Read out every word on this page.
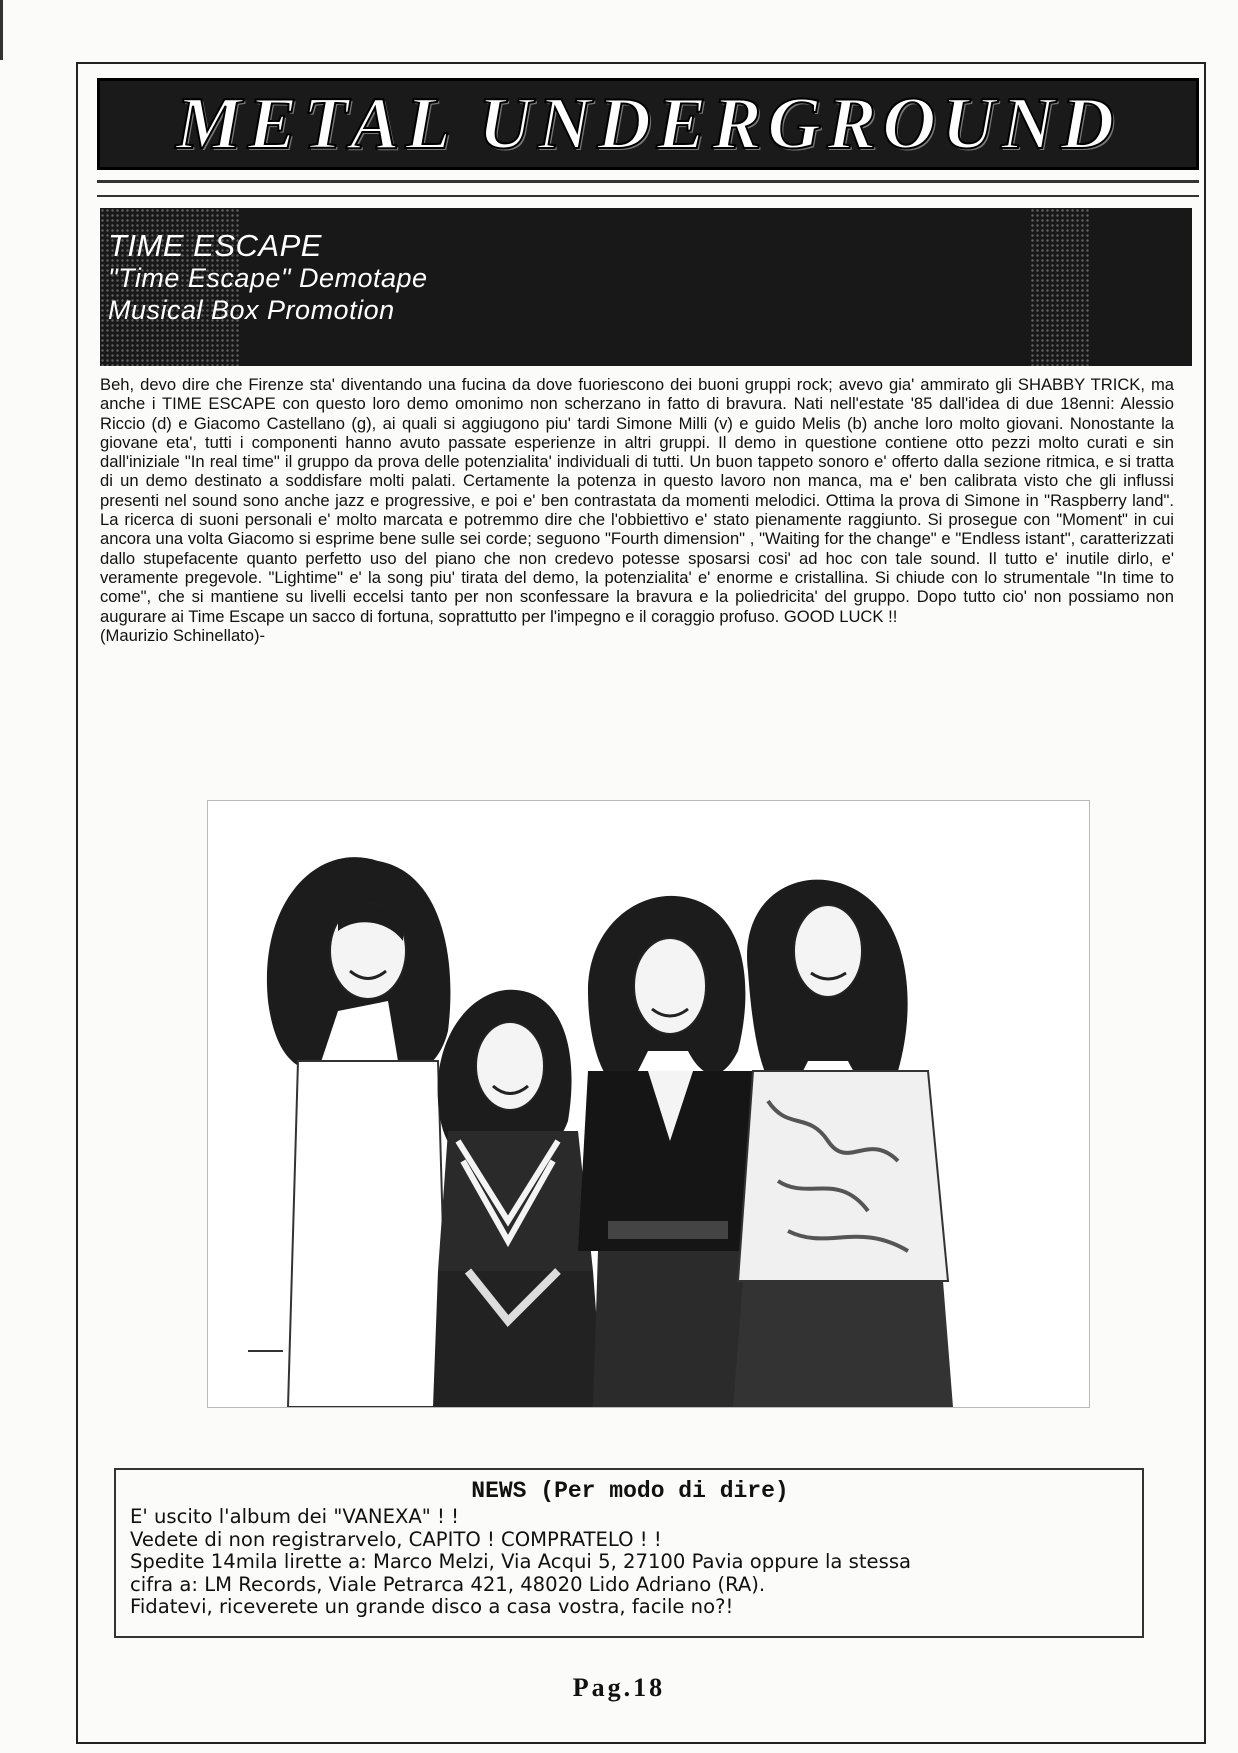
METAL UNDERGROUND
TIME ESCAPE
"Time Escape" Demotape
Musical Box Promotion

Beh, devo dire che Firenze sta' diventando una fucina da dove fuoriescono dei buoni gruppi rock; avevo gia' ammirato gli SHABBY TRICK, ma anche i TIME ESCAPE con questo loro demo omonimo non scherzano in fatto di bravura. Nati nell'estate '85 dall'idea di due 18enni: Alessio Riccio (d) e Giacomo Castellano (g), ai quali si aggiugono piu' tardi Simone Milli (v) e guido Melis (b) anche loro molto giovani. Nonostante la giovane eta', tutti i componenti hanno avuto passate esperienze in altri gruppi. Il demo in questione contiene otto pezzi molto curati e sin dall'iniziale "In real time" il gruppo da prova delle potenzialita' individuali di tutti. Un buon tappeto sonoro e' offerto dalla sezione ritmica, e si tratta di un demo destinato a soddisfare molti palati. Certamente la potenza in questo lavoro non manca, ma e' ben calibrata visto che gli influssi presenti nel sound sono anche jazz e progressive, e poi e' ben contrastata da momenti melodici. Ottima la prova di Simone in "Raspberry land". La ricerca di suoni personali e' molto marcata e potremmo dire che l'obbiettivo e' stato pienamente raggiunto. Si prosegue con "Moment" in cui ancora una volta Giacomo si esprime bene sulle sei corde; seguono "Fourth dimension" , "Waiting for the change" e "Endless istant", caratterizzati dallo stupefacente quanto perfetto uso del piano che non credevo potesse sposarsi cosi' ad hoc con tale sound. Il tutto e' inutile dirlo, e' veramente pregevole. "Lightime" e' la song piu' tirata del demo, la potenzialita' e' enorme e cristallina. Si chiude con lo strumentale "In time to come", che si mantiene su livelli eccelsi tanto per non sconfessare la bravura e la poliedricita' del gruppo. Dopo tutto cio' non possiamo non augurare ai Time Escape un sacco di fortuna, soprattutto per l'impegno e il coraggio profuso. GOOD LUCK !!
(Maurizio Schinellato)-

NEWS (Per modo di dire)

E' uscito l'album dei "VANEXA" ! !

Vedete di non registrarvelo, CAPITO ! COMPRATELO ! !

Spedite 14mila lirette a: Marco Melzi, Via Acqui 5, 27100 Pavia oppure la stessa

cifra a: LM Records, Viale Petrarca 421, 48020 Lido Adriano (RA).

Fidatevi, riceverete un grande disco a casa vostra, facile no?!

Pag.18
